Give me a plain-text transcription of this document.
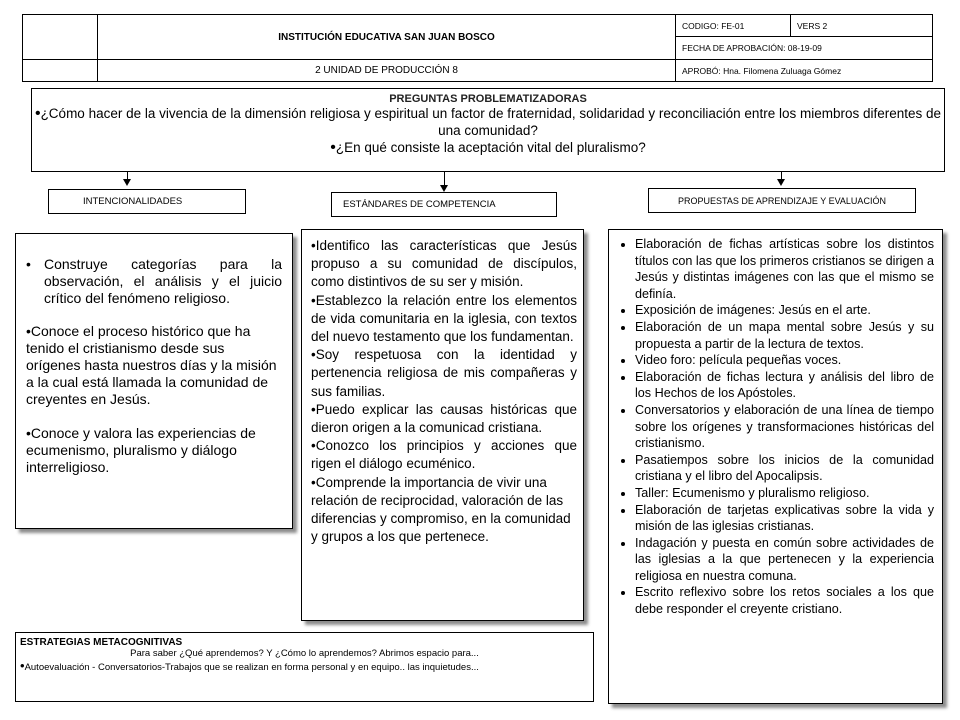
	INSTITUCIÓN EDUCATIVA SAN JUAN BOSCO	CODIGO: FE-01	VERS 2
		FECHA DE APROBACIÓN: 08-19-09	
	2 UNIDAD DE PRODUCCIÓN 8	APROBÓ: Hna. Filomena Zuluaga Gómez	
PREGUNTAS PROBLEMATIZADORAS
•¿Cómo hacer de la vivencia de la dimensión religiosa y espiritual un factor de fraternidad, solidaridad y reconciliación entre los miembros diferentes de una comunidad?
•¿En qué consiste la aceptación vital del pluralismo?
INTENCIONALIDADES	ESTÁNDARES DE COMPETENCIA	PROPUESTAS DE APRENDIZAJE Y EVALUACIÓN
• Construye categorías para la observación, el análisis y el juicio crítico del fenómeno religioso.
•Conoce el proceso histórico que ha tenido el cristianismo desde sus orígenes hasta nuestros días y la misión a la cual está llamada la comunidad de creyentes en Jesús.
•Conoce y valora las experiencias de ecumenismo, pluralismo y diálogo interreligioso.
•Identifico las características que Jesús propuso a su comunidad de discípulos, como distintivos de su ser y misión.
•Establezco la relación entre los elementos de vida comunitaria en la iglesia, con textos del nuevo testamento que los fundamentan.
•Soy respetuosa con la identidad y pertenencia religiosa de mis compañeras y sus familias.
•Puedo explicar las causas históricas que dieron origen a la comunicad cristiana.
•Conozco los principios y acciones que rigen el diálogo ecuménico.
•Comprende la importancia de vivir una relación de reciprocidad, valoración de las diferencias y compromiso, en la comunidad y grupos a los que pertenece.
• Elaboración de fichas artísticas sobre los distintos títulos con las que los primeros cristianos se dirigen a Jesús y distintas imágenes con las que el mismo se definía.
• Exposición de imágenes: Jesús en el arte.
• Elaboración de un mapa mental sobre Jesús y su propuesta a partir de la lectura de textos.
• Video foro: película pequeñas voces.
• Elaboración de fichas lectura y análisis del libro de los Hechos de los Apóstoles.
• Conversatorios y elaboración de una línea de tiempo sobre los orígenes y transformaciones históricas del cristianismo.
• Pasatiempos sobre los inicios de la comunidad cristiana y el libro del Apocalipsis.
• Taller: Ecumenismo y pluralismo religioso.
• Elaboración de tarjetas explicativas sobre la vida y misión de las iglesias cristianas.
• Indagación y puesta en común sobre actividades de las iglesias a la que pertenecen y la experiencia religiosa en nuestra comuna.
• Escrito reflexivo sobre los retos sociales a los que debe responder el creyente cristiano.
ESTRATEGIAS METACOGNITIVAS
Para saber ¿Qué aprendemos? Y ¿Cómo lo aprendemos? Abrimos espacio para...
•Autoevaluación - Conversatorios-Trabajos que se realizan en forma personal y en equipo.. las inquietudes...
